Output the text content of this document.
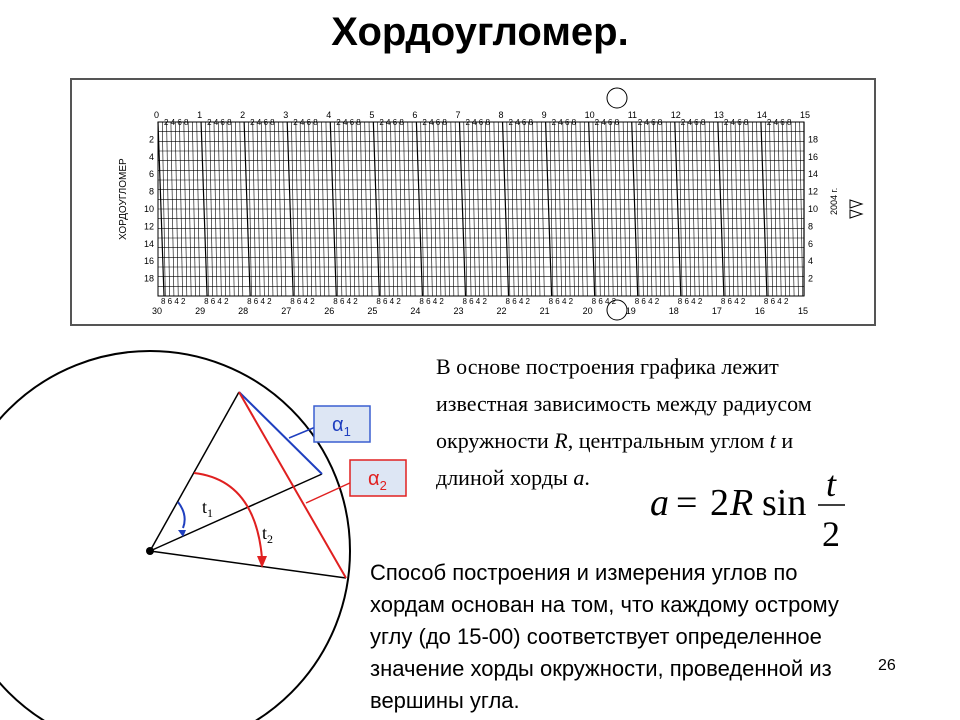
Хордоугломер.
0	1	2	3	4	5	6	7	8	9	10	11	12	13	14	15
2 4 6 8 2 4 6 8 2 4 6 8 2 4 6 8 2 4 6 8 2 4 6 8 2 4 6 8 2 4 6 8 2 4 6 8 2 4 6 8 2 4 6 8 2 4 6 8 2 4 6 8 2 4 6 8 2 4 6 8
8 6 4 2 8 6 4 2 8 6 4 2 8 6 4 2 8 6 4 2 8 6 4 2 8 6 4 2 8 6 4 2 8 6 4 2 8 6 4 2 8 6 4 2 8 6 4 2 8 6 4 2 8 6 4 2 8 6 4 2
30	29	28	27	26	25	24	23	22	21	20	19	18	17	16	15
2
4
6
8
10
12
14
16
18
18
16
14
12
10
8
6
4
2
ХОРДОУГЛОМЕР	2004 г.
$t_1$
$t_2$
$\alpha_1$
$\alpha_2$

В основе построения графика лежит

известная зависимость между радиусом

окружности R, центральным углом t и

длиной хорды a.

a = 2 R sin t
2

Способ построения и измерения углов по

хордам основан на том, что каждому острому

углу (до 15-00) соответствует определенное

значение хорды окружности, проведенной из

вершины угла.

26
